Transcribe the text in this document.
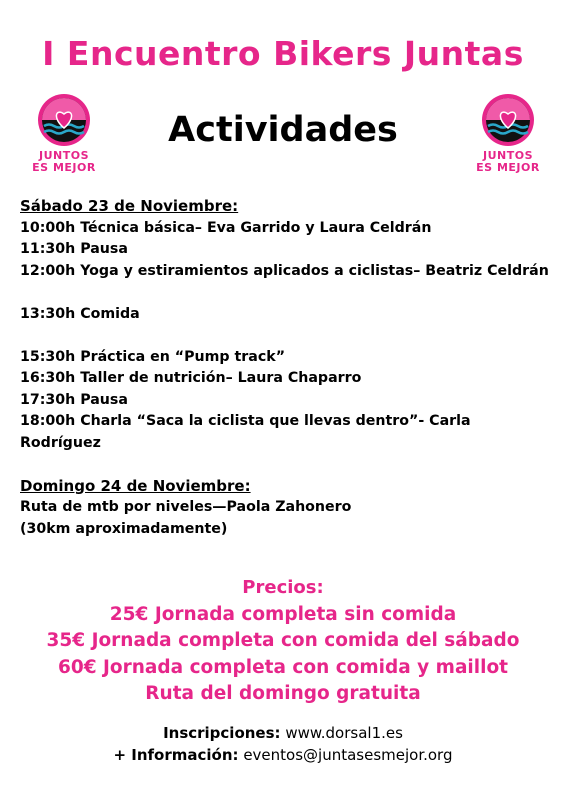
I Encuentro Bikers Juntas
JUNTOS
ES MEJOR
JUNTOS
ES MEJOR
Actividades
Sábado 23 de Noviembre:
10:00h Técnica básica– Eva Garrido y Laura Celdrán
11:30h Pausa
12:00h Yoga y estiramientos aplicados a ciclistas– Beatriz Celdrán
13:30h Comida
15:30h Práctica en “Pump track”
16:30h Taller de nutrición– Laura Chaparro
17:30h Pausa
18:00h Charla “Saca la ciclista que llevas dentro”- Carla Rodríguez
Domingo 24 de Noviembre:
Ruta de mtb por niveles—Paola Zahonero
(30km aproximadamente)
Precios:
25€ Jornada completa sin comida
35€ Jornada completa con comida del sábado
60€ Jornada completa con comida y maillot
Ruta del domingo gratuita
Inscripciones: www.dorsal1.es
+ Información: eventos@juntasesmejor.org
